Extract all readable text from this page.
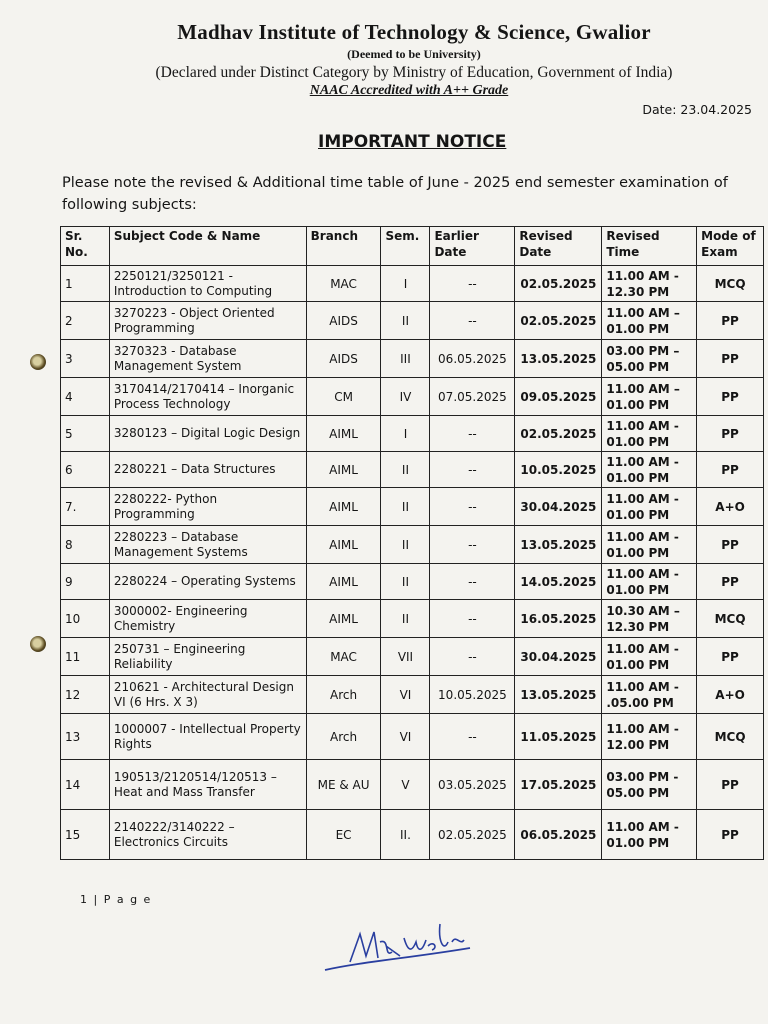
Madhav Institute of Technology & Science, Gwalior
(Deemed to be University)
(Declared under Distinct Category by Ministry of Education, Government of India)
NAAC Accredited with A++ Grade
Date: 23.04.2025
IMPORTANT NOTICE
Please note the revised & Additional time table of June - 2025 end semester examination of following subjects:
Sr. No.	Subject Code & Name	Branch	Sem.	Earlier Date	Revised Date	Revised Time	Mode of Exam
1	2250121/3250121 - Introduction to Computing	MAC	I	--	02.05.2025	11.00 AM - 12.30 PM	MCQ
2	3270223 - Object Oriented Programming	AIDS	II	--	02.05.2025	11.00 AM – 01.00 PM	PP
3	3270323 - Database Management System	AIDS	III	06.05.2025	13.05.2025	03.00 PM – 05.00 PM	PP
4	3170414/2170414 – Inorganic Process Technology	CM	IV	07.05.2025	09.05.2025	11.00 AM – 01.00 PM	PP
5	3280123 – Digital Logic Design	AIML	I	--	02.05.2025	11.00 AM - 01.00 PM	PP
6	2280221 – Data Structures	AIML	II	--	10.05.2025	11.00 AM - 01.00 PM	PP
7.	2280222- Python Programming	AIML	II	--	30.04.2025	11.00 AM - 01.00 PM	A+O
8	2280223 – Database Management Systems	AIML	II	--	13.05.2025	11.00 AM - 01.00 PM	PP
9	2280224 – Operating Systems	AIML	II	--	14.05.2025	11.00 AM - 01.00 PM	PP
10	3000002- Engineering Chemistry	AIML	II	--	16.05.2025	10.30 AM – 12.30 PM	MCQ
11	250731 – Engineering Reliability	MAC	VII	--	30.04.2025	11.00 AM - 01.00 PM	PP
12	210621 - Architectural Design VI (6 Hrs. X 3)	Arch	VI	10.05.2025	13.05.2025	11.00 AM - .05.00 PM	A+O
13	1000007 - Intellectual Property Rights	Arch	VI	--	11.05.2025	11.00 AM - 12.00 PM	MCQ
14	190513/2120514/120513 – Heat and Mass Transfer	ME & AU	V	03.05.2025	17.05.2025	03.00 PM - 05.00 PM	PP
15	2140222/3140222 – Electronics Circuits	EC	II.	02.05.2025	06.05.2025	11.00 AM - 01.00 PM	PP
1 | P a g e
